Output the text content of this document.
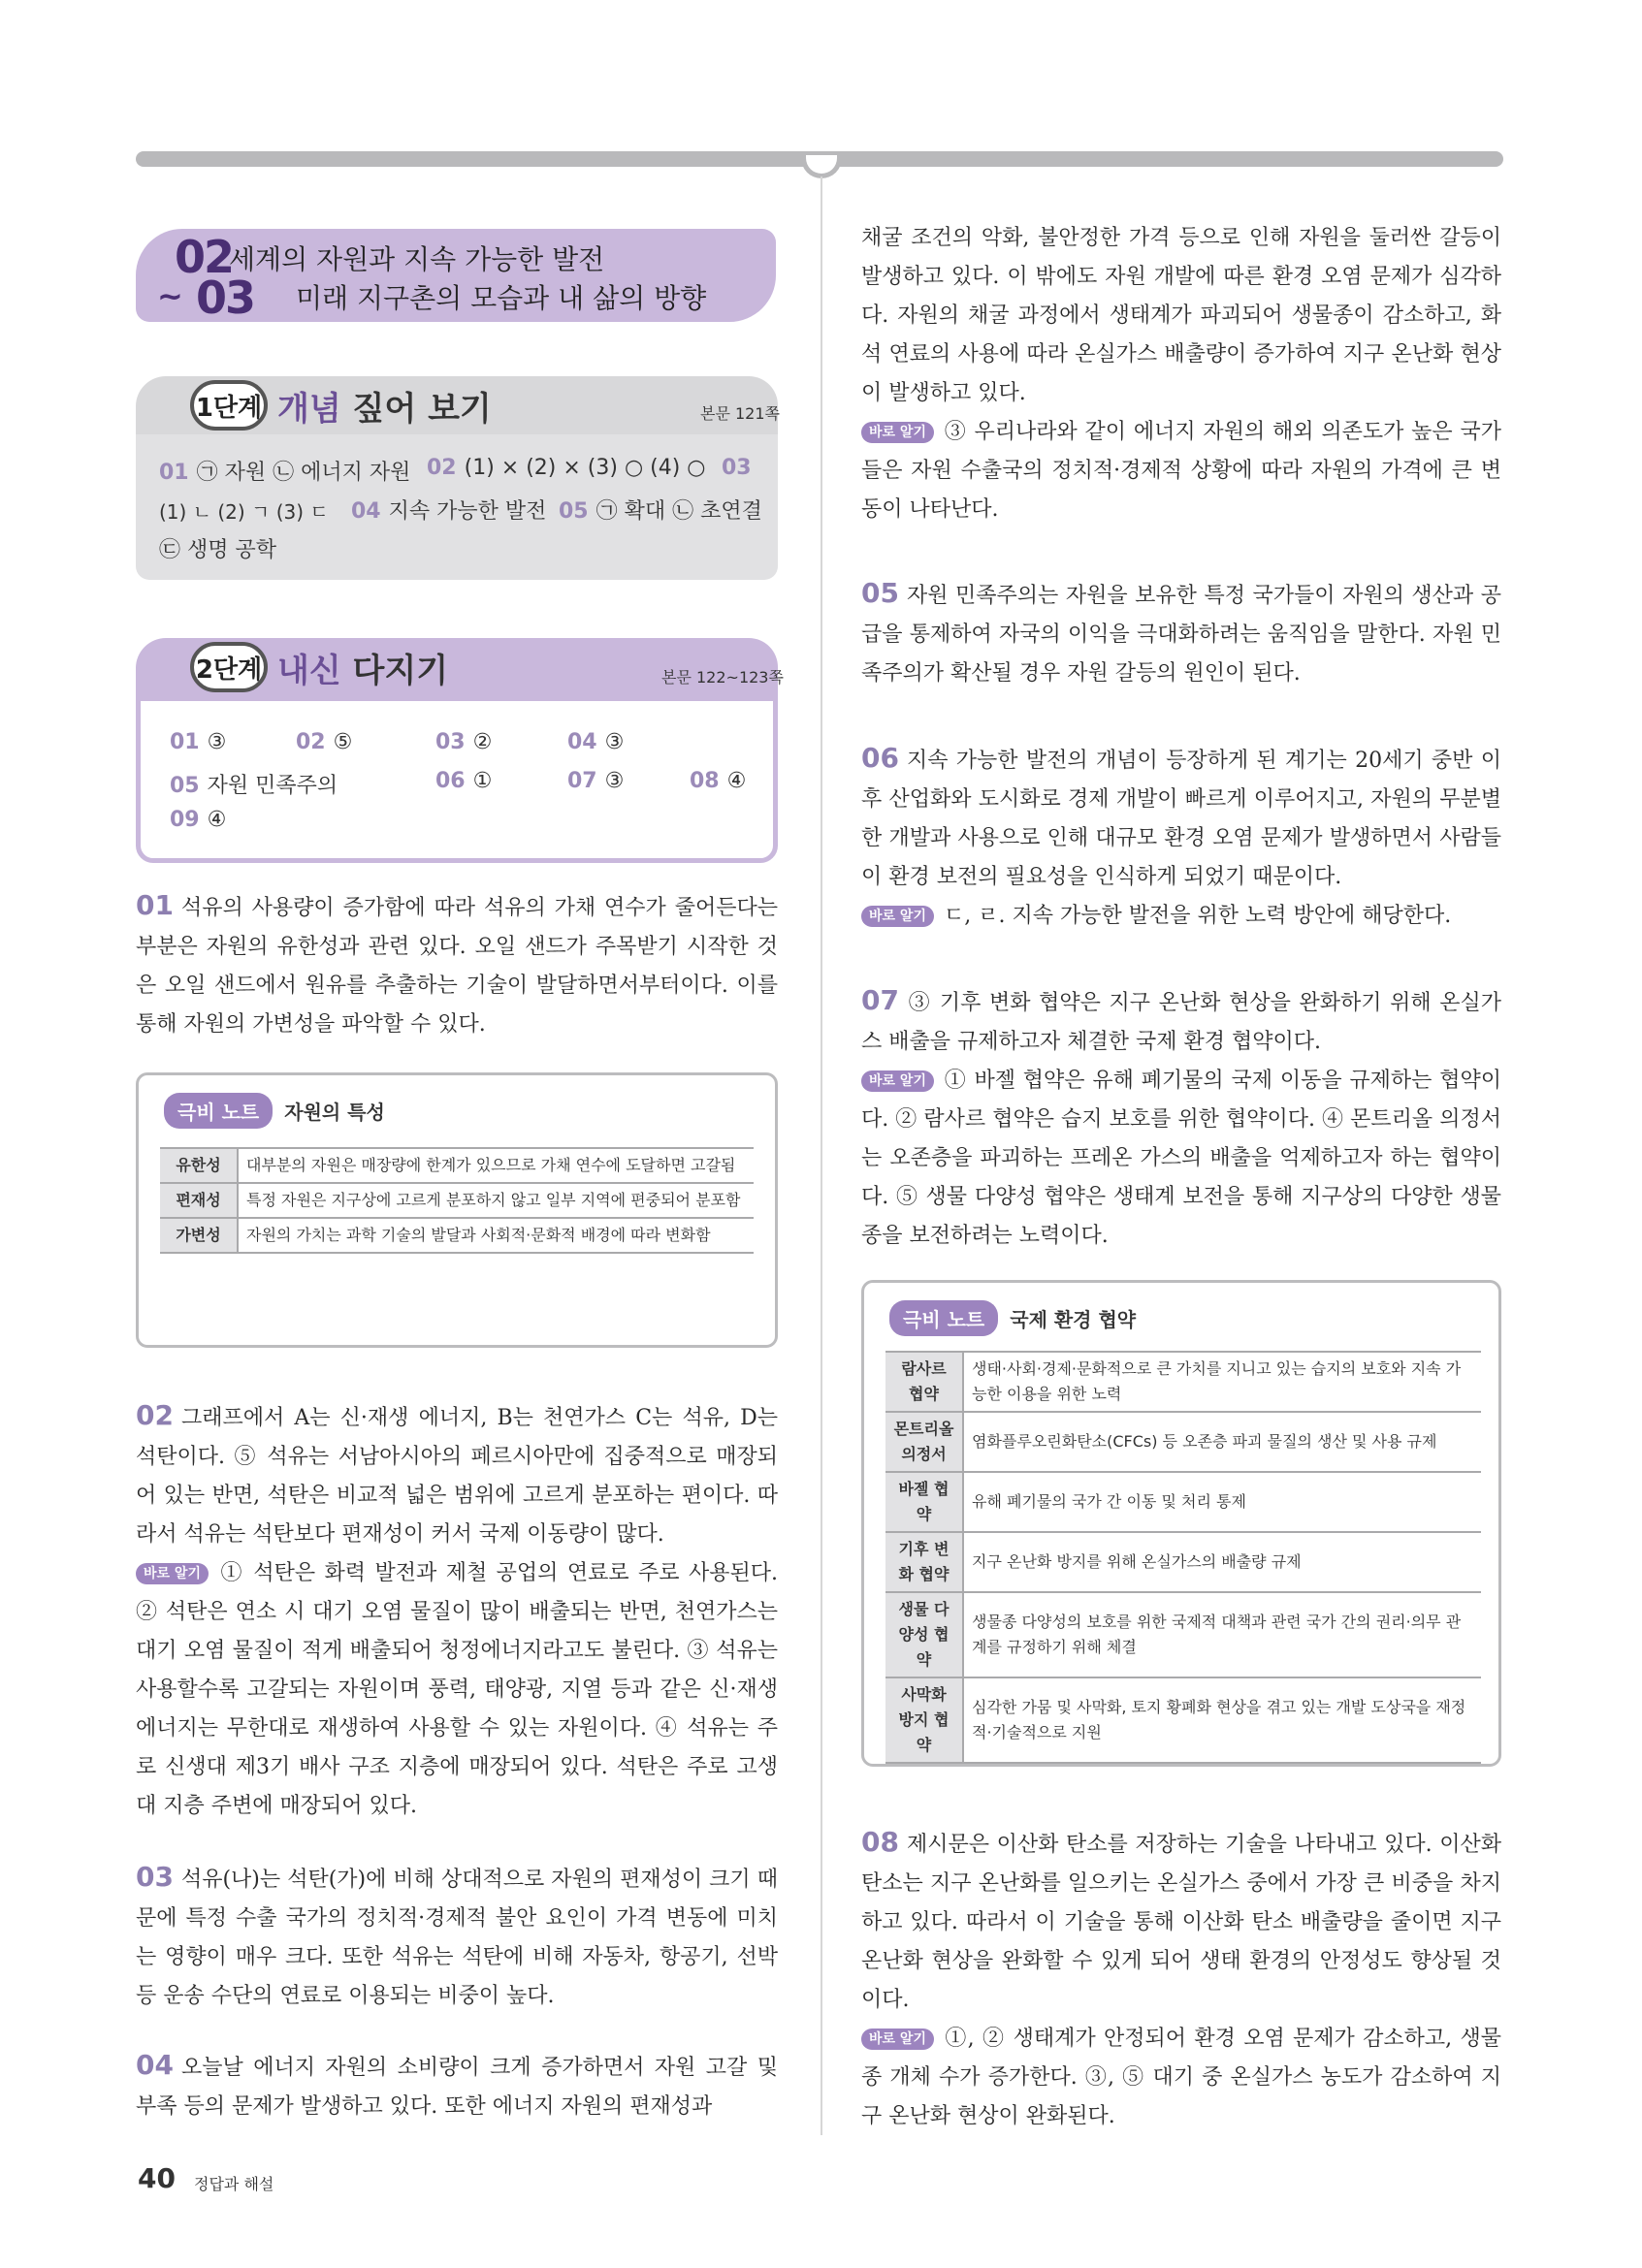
02
~ 03
세계의 자원과 지속 가능한 발전
미래 지구촌의 모습과 내 삶의 방향
1단계 개념 짚어 보기	본문 121쪽
01 ㉠ 자원 ㉡ 에너지 자원 02 (1) × (2) × (3) ○ (4) ○ 03
(1) ㄴ (2) ㄱ (3) ㄷ 04 지속 가능한 발전 05 ㉠ 확대 ㉡ 초연결
㉢ 생명 공학
2단계 내신 다지기	본문 122~123쪽
01 ③	02 ⑤	03 ②	04 ③
05 자원 민족주의	06 ①	07 ③	08 ④
09 ④
01 석유의 사용량이 증가함에 따라 석유의 가채 연수가 줄어든다는 부분은 자원의 유한성과 관련 있다. 오일 샌드가 주목받기 시작한 것은 오일 샌드에서 원유를 추출하는 기술이 발달하면서부터이다. 이를 통해 자원의 가변성을 파악할 수 있다.
극비 노트	자원의 특성
유한성	대부분의 자원은 매장량에 한계가 있으므로 가채 연수에 도달하면 고갈됨
편재성	특정 자원은 지구상에 고르게 분포하지 않고 일부 지역에 편중되어 분포함
가변성	자원의 가치는 과학 기술의 발달과 사회적·문화적 배경에 따라 변화함
02 그래프에서 A는 신·재생 에너지, B는 천연가스 C는 석유, D는 석탄이다. ⑤ 석유는 서남아시아의 페르시아만에 집중적으로 매장되어 있는 반면, 석탄은 비교적 넓은 범위에 고르게 분포하는 편이다. 따라서 석유는 석탄보다 편재성이 커서 국제 이동량이 많다.
바로 알기 ① 석탄은 화력 발전과 제철 공업의 연료로 주로 사용된다. ② 석탄은 연소 시 대기 오염 물질이 많이 배출되는 반면, 천연가스는 대기 오염 물질이 적게 배출되어 청정에너지라고도 불린다. ③ 석유는 사용할수록 고갈되는 자원이며 풍력, 태양광, 지열 등과 같은 신·재생 에너지는 무한대로 재생하여 사용할 수 있는 자원이다. ④ 석유는 주로 신생대 제3기 배사 구조 지층에 매장되어 있다. 석탄은 주로 고생대 지층 주변에 매장되어 있다.
03 석유(나)는 석탄(가)에 비해 상대적으로 자원의 편재성이 크기 때문에 특정 수출 국가의 정치적·경제적 불안 요인이 가격 변동에 미치는 영향이 매우 크다. 또한 석유는 석탄에 비해 자동차, 항공기, 선박 등 운송 수단의 연료로 이용되는 비중이 높다.
04 오늘날 에너지 자원의 소비량이 크게 증가하면서 자원 고갈 및 부족 등의 문제가 발생하고 있다. 또한 에너지 자원의 편재성과
채굴 조건의 악화, 불안정한 가격 등으로 인해 자원을 둘러싼 갈등이 발생하고 있다. 이 밖에도 자원 개발에 따른 환경 오염 문제가 심각하다. 자원의 채굴 과정에서 생태계가 파괴되어 생물종이 감소하고, 화석 연료의 사용에 따라 온실가스 배출량이 증가하여 지구 온난화 현상이 발생하고 있다.
바로 알기 ③ 우리나라와 같이 에너지 자원의 해외 의존도가 높은 국가들은 자원 수출국의 정치적·경제적 상황에 따라 자원의 가격에 큰 변동이 나타난다.
05 자원 민족주의는 자원을 보유한 특정 국가들이 자원의 생산과 공급을 통제하여 자국의 이익을 극대화하려는 움직임을 말한다. 자원 민족주의가 확산될 경우 자원 갈등의 원인이 된다.
06 지속 가능한 발전의 개념이 등장하게 된 계기는 20세기 중반 이후 산업화와 도시화로 경제 개발이 빠르게 이루어지고, 자원의 무분별한 개발과 사용으로 인해 대규모 환경 오염 문제가 발생하면서 사람들이 환경 보전의 필요성을 인식하게 되었기 때문이다.
바로 알기 ㄷ, ㄹ. 지속 가능한 발전을 위한 노력 방안에 해당한다.
07 ③ 기후 변화 협약은 지구 온난화 현상을 완화하기 위해 온실가스 배출을 규제하고자 체결한 국제 환경 협약이다.
바로 알기 ① 바젤 협약은 유해 폐기물의 국제 이동을 규제하는 협약이다. ② 람사르 협약은 습지 보호를 위한 협약이다. ④ 몬트리올 의정서는 오존층을 파괴하는 프레온 가스의 배출을 억제하고자 하는 협약이다. ⑤ 생물 다양성 협약은 생태계 보전을 통해 지구상의 다양한 생물종을 보전하려는 노력이다.
극비 노트	국제 환경 협약
람사르 협약	생태·사회·경제·문화적으로 큰 가치를 지니고 있는 습지의 보호와 지속 가능한 이용을 위한 노력
몬트리올 의정서	염화플루오린화탄소(CFCs) 등 오존층 파괴 물질의 생산 및 사용 규제
바젤 협약	유해 폐기물의 국가 간 이동 및 처리 통제
기후 변화 협약	지구 온난화 방지를 위해 온실가스의 배출량 규제
생물 다양성 협약	생물종 다양성의 보호를 위한 국제적 대책과 관련 국가 간의 권리·의무 관계를 규정하기 위해 체결
사막화 방지 협약	심각한 가뭄 및 사막화, 토지 황폐화 현상을 겪고 있는 개발 도상국을 재정적·기술적으로 지원
08 제시문은 이산화 탄소를 저장하는 기술을 나타내고 있다. 이산화 탄소는 지구 온난화를 일으키는 온실가스 중에서 가장 큰 비중을 차지하고 있다. 따라서 이 기술을 통해 이산화 탄소 배출량을 줄이면 지구 온난화 현상을 완화할 수 있게 되어 생태 환경의 안정성도 향상될 것이다.
바로 알기 ①, ② 생태계가 안정되어 환경 오염 문제가 감소하고, 생물종 개체 수가 증가한다. ③, ⑤ 대기 중 온실가스 농도가 감소하여 지구 온난화 현상이 완화된다.
40 정답과 해설
